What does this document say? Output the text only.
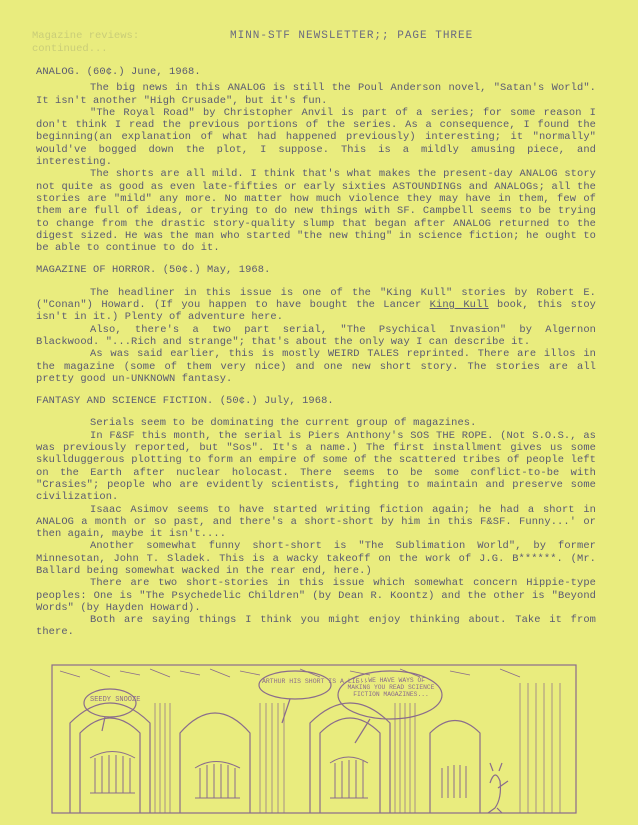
Magazine reviews:
continued...
MINN-STF NEWSLETTER;; PAGE THREE
ANALOG. (60¢.) June, 1968.

The big news in this ANALOG is still the Poul Anderson novel, "Satan's World". It isn't another "High Crusade", but it's fun.

"The Royal Road" by Christopher Anvil is part of a series; for some reason I don't think I read the previous portions of the series. As a consequence, I found the beginning(an explanation of what had happened previously) interesting; it "normally" would've bogged down the plot, I suppose. This is a mildly amusing piece, and interesting.

The shorts are all mild. I think that's what makes the present-day ANALOG story not quite as good as even late-fifties or early sixties ASTOUNDINGs and ANALOGs; all the stories are "mild" any more. No matter how much violence they may have in them, few of them are full of ideas, or trying to do new things with SF. Campbell seems to be trying to change from the drastic story-quality slump that began after ANALOG returned to the digest sized. He was the man who started "the new thing" in science fiction; he ought to be able to continue to do it.

MAGAZINE OF HORROR. (50¢.) May, 1968.

The headliner in this issue is one of the "King Kull" stories by Robert E. ("Conan") Howard. (If you happen to have bought the Lancer King Kull book, this stoy isn't in it.) Plenty of adventure here.

Also, there's a two part serial, "The Psychical Invasion" by Algernon Blackwood. "...Rich and strange"; that's about the only way I can describe it.

As was said earlier, this is mostly WEIRD TALES reprinted. There are illos in the magazine (some of them very nice) and one new short story. The stories are all pretty good un-UNKNOWN fantasy.

FANTASY AND SCIENCE FICTION. (50¢.) July, 1968.

Serials seem to be dominating the current group of magazines.

In F&SF this month, the serial is Piers Anthony's SOS THE ROPE. (Not S.O.S., as was previously reported, but "Sos". It's a name.) The first installment gives us some skullduggerous plotting to form an empire of some of the scattered tribes of people left on the Earth after nuclear holocast. There seems to be some conflict-to-be with "Crasies"; people who are evidently scientists, fighting to maintain and preserve some civilization.

Isaac Asimov seems to have started writing fiction again; he had a short in ANALOG a month or so past, and there's a short-short by him in this F&SF. Funny...' or then again, maybe it isn't....

Another somewhat funny short-short is "The Sublimation World", by former Minnesotan, John T. Sladek. This is a wacky takeoff on the work of J.G. B******. (Mr. Ballard being somewhat wacked in the rear end, here.)

There are two short-stories in this issue which somewhat concern Hippie-type peoples: One is "The Psychedelic Children" (by Dean R. Koontz) and the other is "Beyond Words" (by Hayden Howard).

Both are saying things I think you might enjoy thinking about. Take it from there.

SEEDY SNOOZE
ARTHUR HIS SHORT IS A LIE!!
...WE HAVE WAYS OF MAKING YOU READ SCIENCE FICTION MAGAZINES...
